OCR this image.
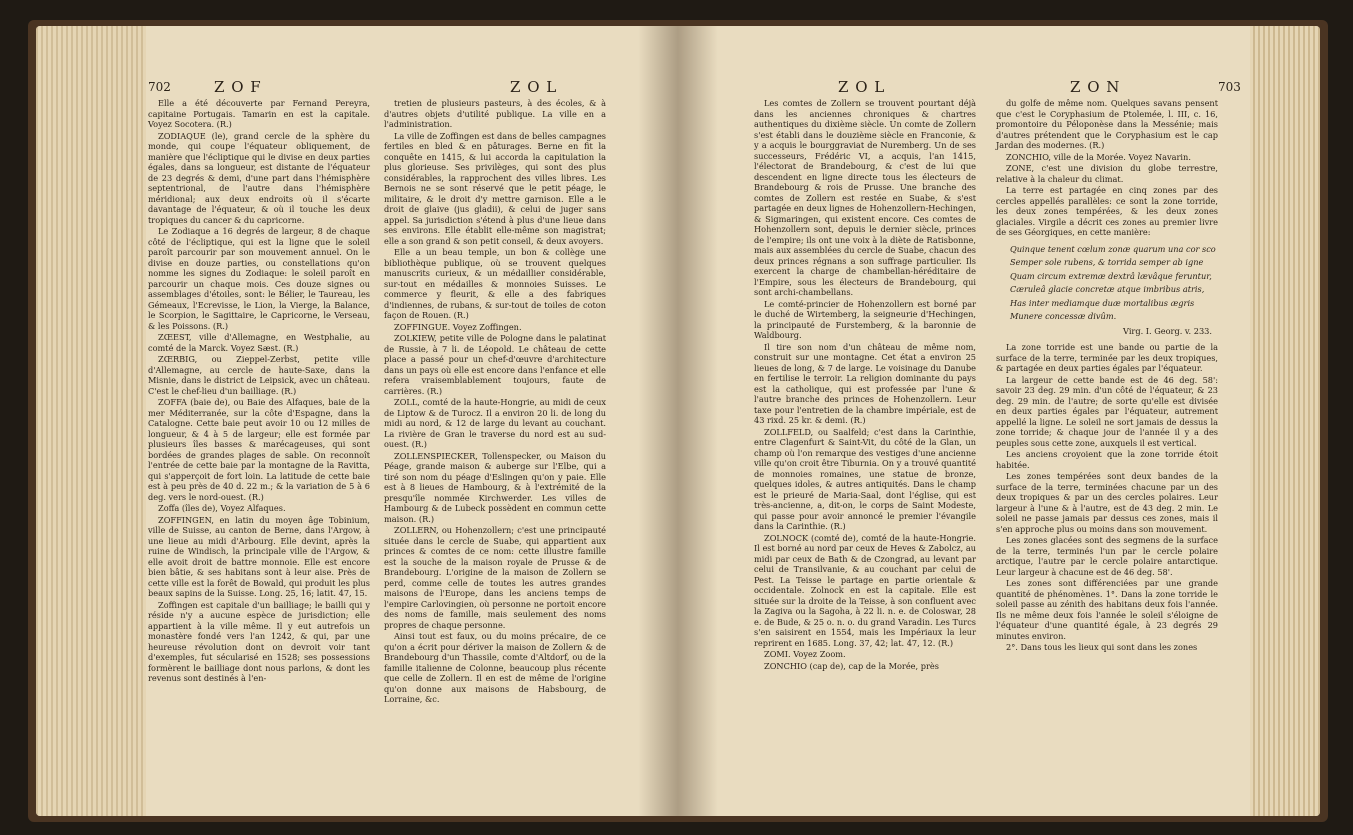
702	Z O F	Z O L

Elle a été découverte par Fernand Pereyra, capitaine Portugais. Tamarin en est la capitale. Voyez Socotera. (R.)

ZODIAQUE (le), grand cercle de la sphère du monde, qui coupe l'équateur obliquement, de manière que l'écliptique qui le divise en deux parties égales, dans sa longueur, est distante de l'équateur de 23 degrés & demi, d'une part dans l'hémisphère septentrional, de l'autre dans l'hémisphère méridional; aux deux endroits où il s'écarte davantage de l'équateur, & où il touche les deux tropiques du cancer & du capricorne.

Le Zodiaque a 16 degrés de largeur, 8 de chaque côté de l'écliptique, qui est la ligne que le soleil paroît parcourir par son mouvement annuel. On le divise en douze parties, ou constellations qu'on nomme les signes du Zodiaque: le soleil paroît en parcourir un chaque mois. Ces douze signes ou assemblages d'étoiles, sont: le Bélier, le Taureau, les Gémeaux, l'Ecrevisse, le Lion, la Vierge, la Balance, le Scorpion, le Sagittaire, le Capricorne, le Verseau, & les Poissons. (R.)

ZŒEST, ville d'Allemagne, en Westphalie, au comté de la Marck. Voyez Sæst. (R.)

ZŒRBIG, ou Zieppel-Zerbst, petite ville d'Allemagne, au cercle de haute-Saxe, dans la Misnie, dans le district de Leipsick, avec un château. C'est le chef-lieu d'un bailliage. (R.)

ZOFFA (baie de), ou Baie des Alfaques, baie de la mer Méditerranée, sur la côte d'Espagne, dans la Catalogne. Cette baie peut avoir 10 ou 12 milles de longueur, & 4 à 5 de largeur; elle est formée par plusieurs îles basses & marécageuses, qui sont bordées de grandes plages de sable. On reconnoît l'entrée de cette baie par la montagne de la Ravitta, qui s'apperçoit de fort loin. La latitude de cette baie est à peu près de 40 d. 22 m.; & la variation de 5 à 6 deg. vers le nord-ouest. (R.)

Zoffa (îles de), Voyez Alfaques.

ZOFFINGEN, en latin du moyen âge Tobinium, ville de Suisse, au canton de Berne, dans l'Argow, à une lieue au midi d'Arbourg. Elle devint, après la ruine de Windisch, la principale ville de l'Argow, & elle avoit droit de battre monnoie. Elle est encore bien bâtie, & ses habitans sont à leur aise. Près de cette ville est la forêt de Bowald, qui produit les plus beaux sapins de la Suisse. Long. 25, 16; latit. 47, 15.

Zoffingen est capitale d'un bailliage; le bailli qui y réside n'y a aucune espèce de jurisdiction; elle appartient à la ville même. Il y eut autrefois un monastère fondé vers l'an 1242, & qui, par une heureuse révolution dont on devroit voir tant d'exemples, fut sécularisé en 1528; ses possessions formèrent le bailliage dont nous parlons, & dont les revenus sont destinés à l'en-

tretien de plusieurs pasteurs, à des écoles, & à d'autres objets d'utilité publique. La ville en a l'administration.

La ville de Zoffingen est dans de belles campagnes fertiles en bled & en pâturages. Berne en fit la conquête en 1415, & lui accorda la capitulation la plus glorieuse. Ses privilèges, qui sont des plus considérables, la rapprochent des villes libres. Les Bernois ne se sont réservé que le petit péage, le militaire, & le droit d'y mettre garnison. Elle a le droit de glaive (jus gladii), & celui de juger sans appel. Sa jurisdiction s'étend à plus d'une lieue dans ses environs. Elle établit elle-même son magistrat; elle a son grand & son petit conseil, & deux avoyers.

Elle a un beau temple, un bon & collège une bibliothèque publique, où se trouvent quelques manuscrits curieux, & un médaillier considérable, sur-tout en médailles & monnoies Suisses. Le commerce y fleurit, & elle a des fabriques d'indiennes, de rubans, & sur-tout de toiles de coton façon de Rouen. (R.)

ZOFFINGUE. Voyez Zoffingen.

ZOLKIEW, petite ville de Pologne dans le palatinat de Russie, à 7 li. de Léopold. Le château de cette place a passé pour un chef-d'œuvre d'architecture dans un pays où elle est encore dans l'enfance et elle refera vraisemblablement toujours, faute de carrières. (R.)

ZOLL, comté de la haute-Hongrie, au midi de ceux de Liptow & de Turocz. Il a environ 20 li. de long du midi au nord, & 12 de large du levant au couchant. La rivière de Gran le traverse du nord est au sud-ouest. (R.)

ZOLLENSPIECKER, Tollenspecker, ou Maison du Péage, grande maison & auberge sur l'Elbe, qui a tiré son nom du péage d'Eslingen qu'on y paie. Elle est à 8 lieues de Hambourg, & à l'extrémité de la presqu'île nommée Kirchwerder. Les villes de Hambourg & de Lubeck possèdent en commun cette maison. (R.)

ZOLLERN, ou Hohenzollern; c'est une principauté située dans le cercle de Suabe, qui appartient aux princes & comtes de ce nom: cette illustre famille est la souche de la maison royale de Prusse & de Brandebourg. L'origine de la maison de Zollern se perd, comme celle de toutes les autres grandes maisons de l'Europe, dans les anciens temps de l'empire Carlovingien, où personne ne portoit encore des noms de famille, mais seulement des noms propres de chaque personne.

Ainsi tout est faux, ou du moins précaire, de ce qu'on a écrit pour dériver la maison de Zollern & de Brandebourg d'un Thassile, comte d'Altdorf, ou de la famille italienne de Colonne, beaucoup plus récente que celle de Zollern. Il en est de même de l'origine qu'on donne aux maisons de Habsbourg, de Lorraine, &c.

Z O L	Z O N	703

Les comtes de Zollern se trouvent pourtant déjà dans les anciennes chroniques & chartres authentiques du dixième siècle. Un comte de Zollern s'est établi dans le douzième siècle en Franconie, & y a acquis le bourggraviat de Nuremberg. Un de ses successeurs, Frédéric VI, a acquis, l'an 1415, l'électorat de Brandebourg, & c'est de lui que descendent en ligne directe tous les électeurs de Brandebourg & rois de Prusse. Une branche des comtes de Zollern est restée en Suabe, & s'est partagée en deux lignes de Hohenzollern-Hechingen, & Sigmaringen, qui existent encore. Ces comtes de Hohenzollern sont, depuis le dernier siècle, princes de l'empire; ils ont une voix à la diète de Ratisbonne, mais aux assemblées du cercle de Suabe, chacun des deux princes régnans a son suffrage particulier. Ils exercent la charge de chambellan-héréditaire de l'Empire, sous les électeurs de Brandebourg, qui sont archi-chambellans.

Le comté-princier de Hohenzollern est borné par le duché de Wirtemberg, la seigneurie d'Hechingen, la principauté de Furstemberg, & la baronnie de Waldbourg.

Il tire son nom d'un château de même nom, construit sur une montagne. Cet état a environ 25 lieues de long, & 7 de large. Le voisinage du Danube en fertilise le terroir. La religion dominante du pays est la catholique, qui est professée par l'une & l'autre branche des princes de Hohenzollern. Leur taxe pour l'entretien de la chambre impériale, est de 43 rixd. 25 kr. & demi. (R.)

ZOLLFELD, ou Saalfeld; c'est dans la Carinthie, entre Clagenfurt & Saint-Vit, du côté de la Glan, un champ où l'on remarque des vestiges d'une ancienne ville qu'on croit être Tiburnia. On y a trouvé quantité de monnoies romaines, une statue de bronze, quelques idoles, & autres antiquités. Dans le champ est le prieuré de Maria-Saal, dont l'église, qui est très-ancienne, a, dit-on, le corps de Saint Modeste, qui passe pour avoir annoncé le premier l'évangile dans la Carinthie. (R.)

ZOLNOCK (comté de), comté de la haute-Hongrie. Il est borné au nord par ceux de Heves & Zabolcz, au midi par ceux de Bath & de Czongrad, au levant par celui de Transilvanie, & au couchant par celui de Pest. La Teisse le partage en partie orientale & occidentale. Zolnock en est la capitale. Elle est située sur la droite de la Teisse, à son confluent avec la Zagiva ou la Sagoha, à 22 li. n. e. de Coloswar, 28 e. de Bude, & 25 o. n. o. du grand Varadin. Les Turcs s'en saisirent en 1554, mais les Impériaux la leur reprirent en 1685. Long. 37, 42; lat. 47, 12. (R.)

ZOMI. Voyez Zoom.

ZONCHIO (cap de), cap de la Morée, près

du golfe de même nom. Quelques savans pensent que c'est le Coryphasium de Ptolemée, l. III, c. 16, promontoire du Péloponèse dans la Messénie; mais d'autres prétendent que le Coryphasium est le cap Jardan des modernes. (R.)

ZONCHIO, ville de la Morée. Voyez Navarin.

ZONE, c'est une division du globe terrestre, relative à la chaleur du climat.

La terre est partagée en cinq zones par des cercles appellés parallèles: ce sont la zone torride, les deux zones tempérées, & les deux zones glaciales. Virgile a décrit ces zones au premier livre de ses Géorgiques, en cette manière:

Quinque tenent cœlum zonæ quarum una cor sco
Semper sole rubens, & torrida semper ab igne
Quam circum extremæ dextrâ lævâque feruntur,
Cæruleâ glacie concretæ atque imbribus atris,
Has inter mediamque duæ mortalibus ægris
Munere concessæ divûm.
Virg. I. Georg. v. 233.

La zone torride est une bande ou partie de la surface de la terre, terminée par les deux tropiques, & partagée en deux parties égales par l'équateur.

La largeur de cette bande est de 46 deg. 58': savoir 23 deg. 29 min. d'un côté de l'équateur, & 23 deg. 29 min. de l'autre; de sorte qu'elle est divisée en deux parties égales par l'équateur, autrement appellé la ligne. Le soleil ne sort jamais de dessus la zone torride; & chaque jour de l'année il y a des peuples sous cette zone, auxquels il est vertical.

Les anciens croyoient que la zone torride étoit habitée.

Les zones tempérées sont deux bandes de la surface de la terre, terminées chacune par un des deux tropiques & par un des cercles polaires. Leur largeur à l'une & à l'autre, est de 43 deg. 2 min. Le soleil ne passe jamais par dessus ces zones, mais il s'en approche plus ou moins dans son mouvement.

Les zones glacées sont des segmens de la surface de la terre, terminés l'un par le cercle polaire arctique, l'autre par le cercle polaire antarctique. Leur largeur à chacune est de 46 deg. 58'.

Les zones sont différenciées par une grande quantité de phénomènes. 1°. Dans la zone torride le soleil passe au zénith des habitans deux fois l'année. Ils ne même deux fois l'année le soleil s'éloigne de l'équateur d'une quantité égale, à 23 degrés 29 minutes environ.

2°. Dans tous les lieux qui sont dans les zones
